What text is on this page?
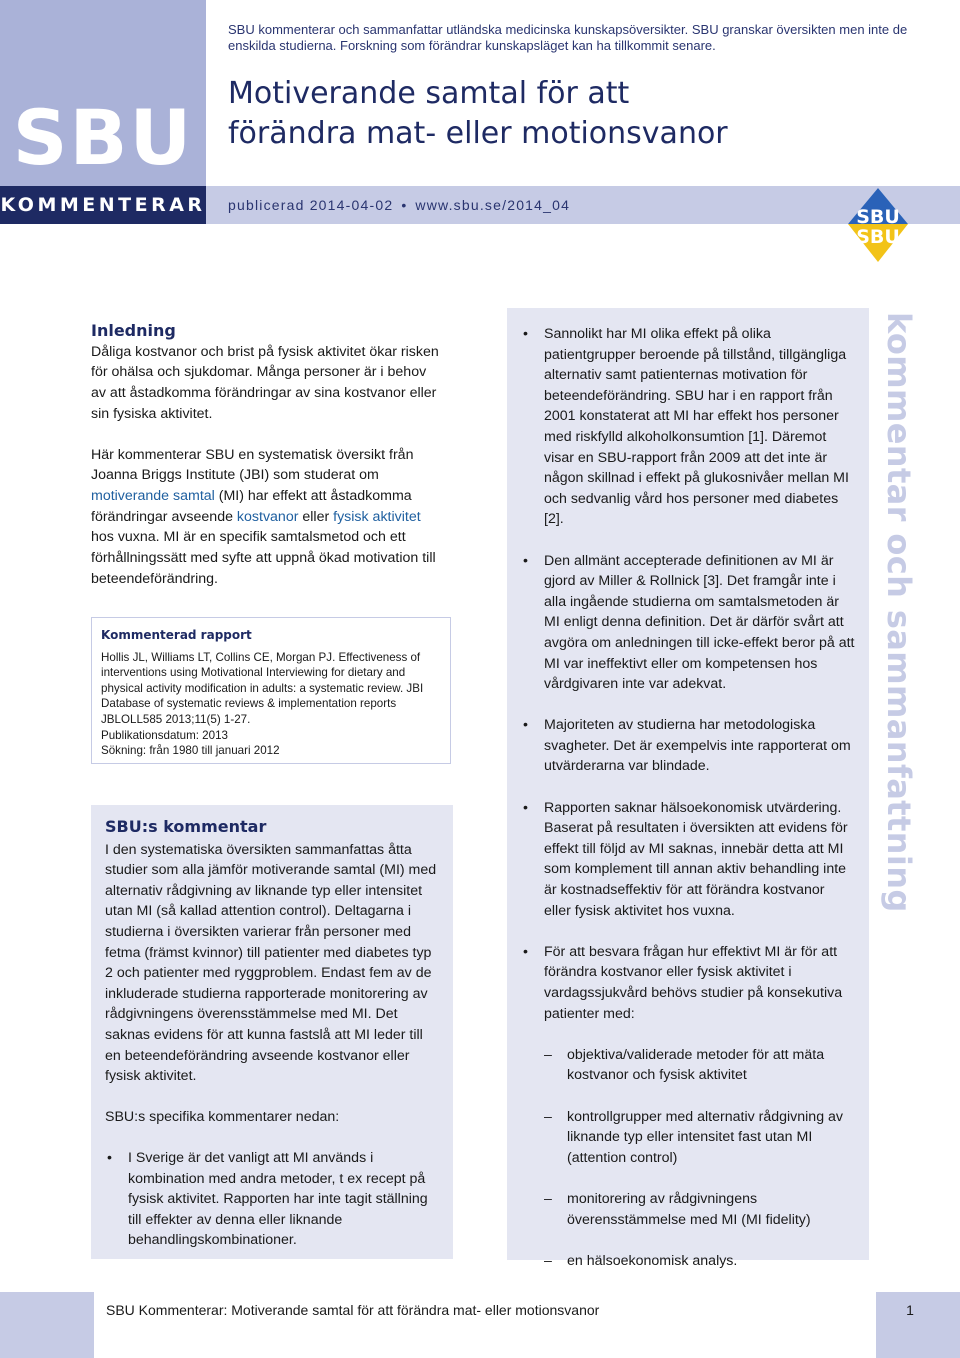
SBU
KOMMENTERAR publicerad 2014-04-02 • www.sbu.se/2014_04
SBU kommenterar och sammanfattar utländska medicinska kunskapsöversikter. SBU granskar översikten men inte de enskilda studierna. Forskning som förändrar kunskapsläget kan ha tillkommit senare.
Motiverande samtal för att
förändra mat- eller motionsvanor
SBU
SBU
Inledning

Dåliga kostvanor och brist på fysisk aktivitet ökar risken för ohälsa och sjukdomar. Många personer är i behov av att åstadkomma förändringar av sina kostvanor eller sin fysiska aktivitet.

Här kommenterar SBU en systematisk översikt från Joanna Briggs Institute (JBI) som studerat om motiverande samtal (MI) har effekt att åstadkomma förändringar avseende kostvanor eller fysisk aktivitet hos vuxna. MI är en specifik samtalsmetod och ett förhållningssätt med syfte att uppnå ökad motivation till beteendeförändring.

Kommenterad rapport

Hollis JL, Williams LT, Collins CE, Morgan PJ. Effectiveness of interventions using Motivational Interviewing for dietary and physical activity modification in adults: a systematic review. JBI Database of systematic reviews & implementation reports JBLOLL585 2013;11(5) 1-27.

Publikationsdatum: 2013

Sökning: från 1980 till januari 2012

SBU:s kommentar

I den systematiska översikten sammanfattas åtta studier som alla jämför motiverande samtal (MI) med alternativ rådgivning av liknande typ eller intensitet utan MI (så kallad attention control). Deltagarna i studierna i översikten varierar från personer med fetma (främst kvinnor) till patienter med diabetes typ 2 och patienter med ryggproblem. Endast fem av de inkluderade studierna rapporterade monitorering av rådgivningens överensstämmelse med MI. Det saknas evidens för att kunna fastslå att MI leder till en beteendeförändring avseende kostvanor eller fysisk aktivitet.

SBU:s specifika kommentarer nedan:

• I Sverige är det vanligt att MI används i kombination med andra metoder, t ex recept på fysisk aktivitet. Rapporten har inte tagit ställning till effekter av denna eller liknande behandlingskombinationer.
• Sannolikt har MI olika effekt på olika patientgrupper beroende på tillstånd, tillgängliga alternativ samt patienternas motivation för beteendeförändring. SBU har i en rapport från 2001 konstaterat att MI har effekt hos personer med riskfylld alkoholkonsumtion [1]. Däremot visar en SBU-rapport från 2009 att det inte är någon skillnad i effekt på glukosnivåer mellan MI och sedvanlig vård hos personer med diabetes [2].
• Den allmänt accepterade definitionen av MI är gjord av Miller & Rollnick [3]. Det framgår inte i alla ingående studierna om samtalsmetoden är MI enligt denna definition. Det är därför svårt att avgöra om anledningen till icke-effekt beror på att MI var ineffektivt eller om kompetensen hos vårdgivaren inte var adekvat.
• Majoriteten av studierna har metodologiska svagheter. Det är exempelvis inte rapporterat om utvärderarna var blindade.
• Rapporten saknar hälsoekonomisk utvärdering. Baserat på resultaten i översikten att evidens för effekt till följd av MI saknas, innebär detta att MI som komplement till annan aktiv behandling inte är kostnadseffektiv för att förändra kostvanor eller fysisk aktivitet hos vuxna.
• För att besvara frågan hur effektivt MI är för att förändra kostvanor eller fysisk aktivitet i vardagssjukvård behövs studier på konsekutiva patienter med:
– objektiva/validerade metoder för att mäta kostvanor och fysisk aktivitet
– kontrollgrupper med alternativ rådgivning av liknande typ eller intensitet fast utan MI (attention control)
– monitorering av rådgivningens överensstämmelse med MI (MI fidelity)
– en hälsoekonomisk analys.
kommentar och sammanfattning
SBU Kommenterar: Motiverande samtal för att förändra mat- eller motionsvanor	1
